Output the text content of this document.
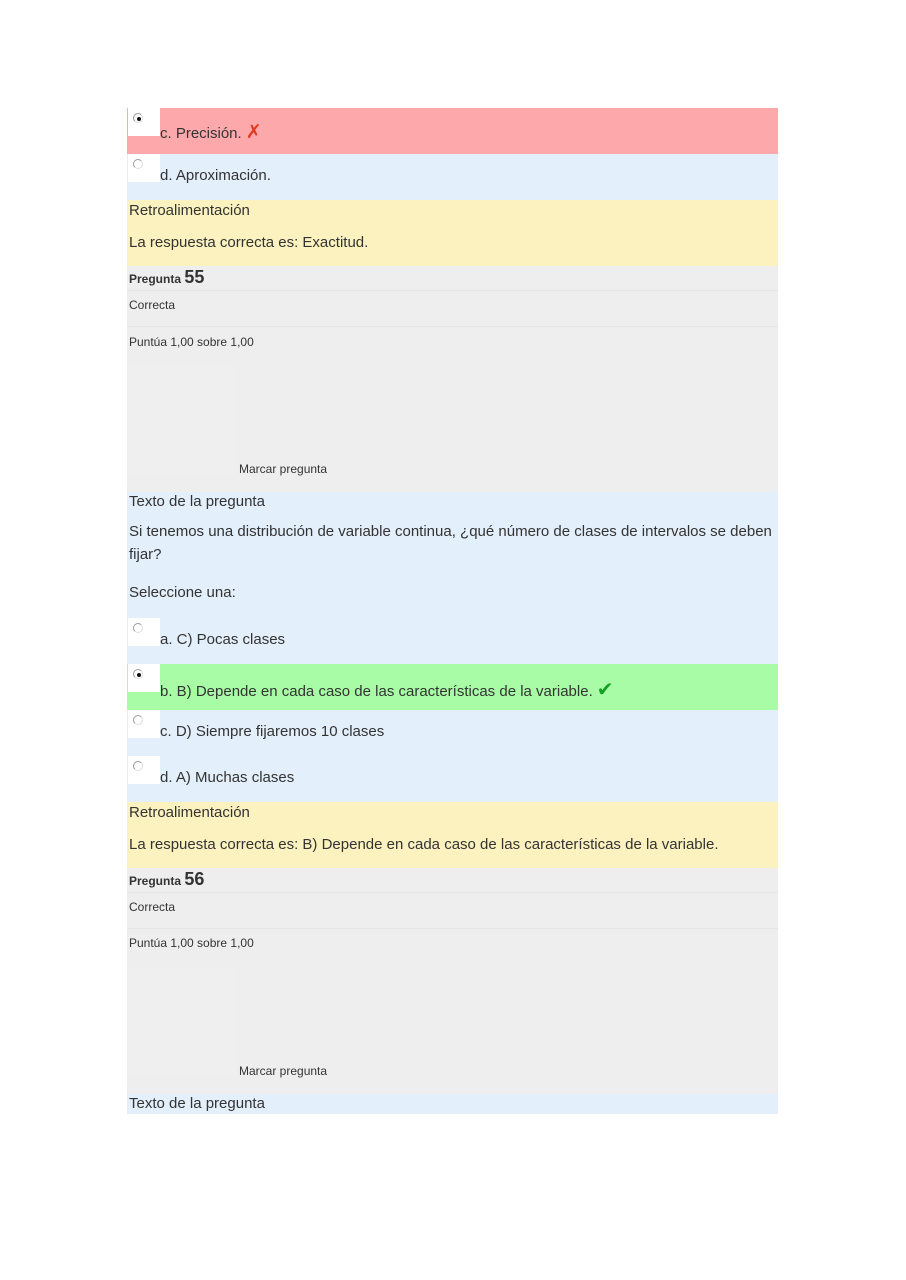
c. Precisión. ✗
d. Aproximación.
Retroalimentación
La respuesta correcta es: Exactitud.
Pregunta 55
Correcta
Puntúa 1,00 sobre 1,00
Marcar pregunta
Texto de la pregunta
Si tenemos una distribución de variable continua, ¿qué número de clases de intervalos se deben fijar?
Seleccione una:
a. C) Pocas clases
b. B) Depende en cada caso de las características de la variable. ✔
c. D) Siempre fijaremos 10 clases
d. A) Muchas clases
Retroalimentación
La respuesta correcta es: B) Depende en cada caso de las características de la variable.
Pregunta 56
Correcta
Puntúa 1,00 sobre 1,00
Marcar pregunta
Texto de la pregunta
